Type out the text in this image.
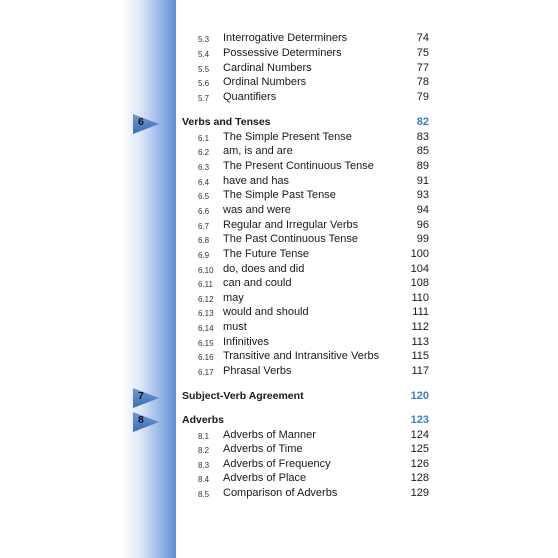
5.3	Interrogative Determiners	74
5.4	Possessive Determiners	75
5.5	Cardinal Numbers	77
5.6	Ordinal Numbers	78
5.7	Quantifiers	79
6	Verbs and Tenses	82
6.1	The Simple Present Tense	83
6.2	am, is and are	85
6.3	The Present Continuous Tense	89
6.4	have and has	91
6.5	The Simple Past Tense	93
6.6	was and were	94
6.7	Regular and Irregular Verbs	96
6.8	The Past Continuous Tense	99
6.9	The Future Tense	100
6.10 do, does and did	104
6.11 can and could	108
6.12 may	110
6.13 would and should	111
6.14 must	112
6.15 Infinitives	113
6.16 Transitive and Intransitive Verbs	115
6.17 Phrasal Verbs	117
7	Subject-Verb Agreement	120
8	Adverbs	123
8.1	Adverbs of Manner	124
8.2	Adverbs of Time	125
8.3	Adverbs of Frequency	126
8.4	Adverbs of Place	128
8.5	Comparison of Adverbs	129
